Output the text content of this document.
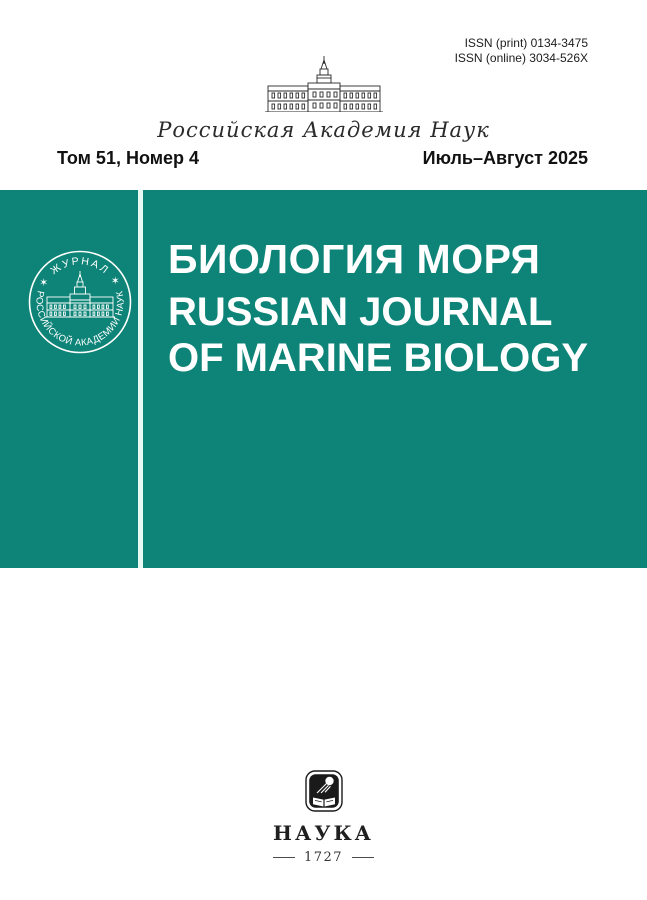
ISSN (print) 0134-3475
ISSN (online) 3034-526X
Российская Академия Наук
Том 51, Номер 4	Июль–Август 2025
✶ ЖУРНАЛ ✶
РОССИЙСКОЙ АКАДЕМИИ НАУК
БИОЛОГИЯ МОРЯ
RUSSIAN JOURNAL
OF MARINE BIOLOGY
НАУКА
1727
